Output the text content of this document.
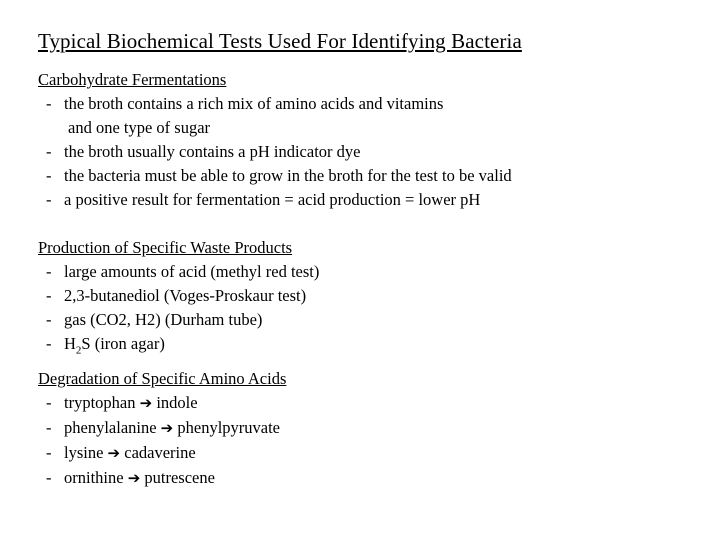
Typical Biochemical Tests Used For Identifying Bacteria
Carbohydrate Fermentations
- the broth contains a rich mix of amino acids and vitamins
and one type of sugar
- the broth usually contains a pH indicator dye
- the bacteria must be able to grow in the broth for the test to be valid
- a positive result for fermentation = acid production = lower pH
Production of Specific Waste Products
- large amounts of acid (methyl red test)
- 2,3-butanediol (Voges-Proskaur test)
- gas (CO2, H2) (Durham tube)
- $H_2S$ (iron agar)
Degradation of Specific Amino Acids
- tryptophan ➔ indole
- phenylalanine ➔ phenylpyruvate
- lysine ➔ cadaverine
- ornithine ➔ putrescene
